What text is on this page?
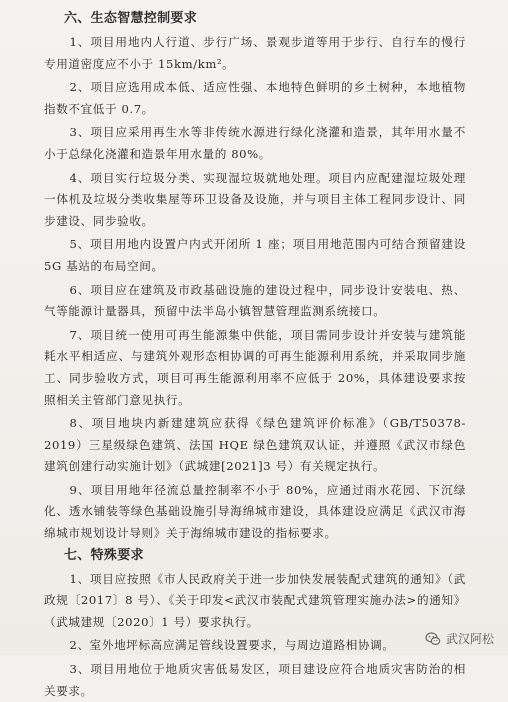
六、生态智慧控制要求

1、项目用地内人行道、步行广场、景观步道等用于步行、自行车的慢行专用道密度应不小于 15km/km²。

2、项目应选用成本低、适应性强、本地特色鲜明的乡土树种，本地植物指数不宜低于 0.7。

3、项目应采用再生水等非传统水源进行绿化浇灌和造景，其年用水量不小于总绿化浇灌和造景年用水量的 80%。

4、项目实行垃圾分类、实现湿垃圾就地处理。项目内应配建湿垃圾处理一体机及垃圾分类收集屋等环卫设备及设施，并与项目主体工程同步设计、同步建设、同步验收。

5、项目用地内设置户内式开闭所 1 座；项目用地范围内可结合预留建设 5G 基站的布局空间。

6、项目应在建筑及市政基础设施的建设过程中，同步设计安装电、热、气等能源计量器具，预留中法半岛小镇智慧管理监测系统接口。

7、项目统一使用可再生能源集中供能，项目需同步设计并安装与建筑能耗水平相适应、与建筑外观形态相协调的可再生能源利用系统，并采取同步施工、同步验收方式，项目可再生能源利用率不应低于 20%，具体建设要求按照相关主管部门意见执行。

8、项目地块内新建建筑应获得《绿色建筑评价标准》（GB/T50378-2019）三星级绿色建筑、法国 HQE 绿色建筑双认证，并遵照《武汉市绿色建筑创建行动实施计划》（武城建[2021]3 号）有关规定执行。

9、项目用地年径流总量控制率不小于 80%，应通过雨水花园、下沉绿化、透水铺装等绿色基础设施引导海绵城市建设，具体建设应满足《武汉市海绵城市规划设计导则》关于海绵城市建设的指标要求。

七、特殊要求

1、项目应按照《市人民政府关于进一步加快发展装配式建筑的通知》（武政规〔2017〕8 号）、《关于印发<武汉市装配式建筑管理实施办法>的通知》（武城建规〔2020〕1 号）要求执行。

2、室外地坪标高应满足管线设置要求，与周边道路相协调。

3、项目用地位于地质灾害低易发区，项目建设应符合地质灾害防治的相关要求。

武汉阿松
